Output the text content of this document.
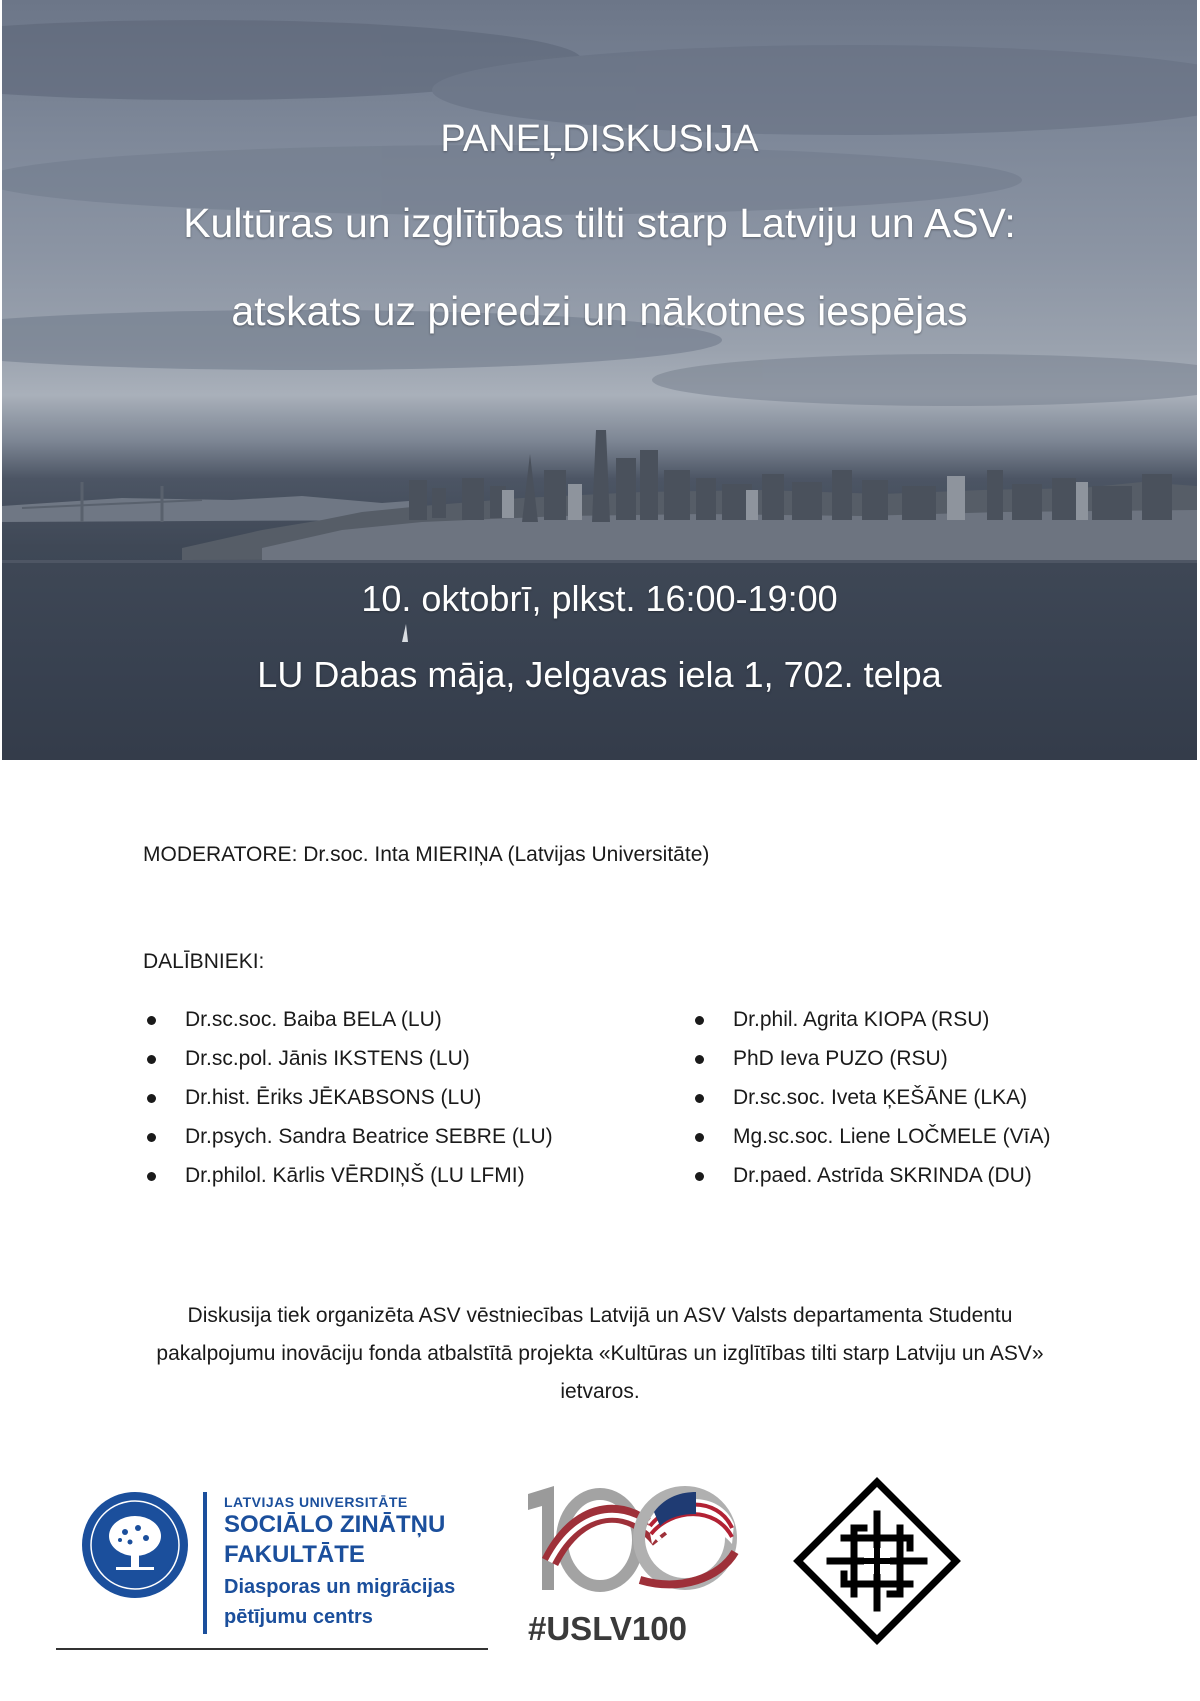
PANEĻDISKUSIJA
Kultūras un izglītības tilti starp Latviju un ASV:
atskats uz pieredzi un nākotnes iespējas
10. oktobrī, plkst. 16:00-19:00
LU Dabas māja, Jelgavas iela 1, 702. telpa
MODERATORE: Dr.soc. Inta MIERIŅA (Latvijas Universitāte)
DALĪBNIEKI:
Dr.sc.soc. Baiba BELA (LU)
Dr.sc.pol. Jānis IKSTENS (LU)
Dr.hist. Ēriks JĒKABSONS (LU)
Dr.psych. Sandra Beatrice SEBRE (LU)
Dr.philol. Kārlis VĒRDIŅŠ (LU LFMI)
Dr.phil. Agrita KIOPA (RSU)
PhD Ieva PUZO (RSU)
Dr.sc.soc. Iveta ĶEŠĀNE (LKA)
Mg.sc.soc. Liene LOČMELE (VīA)
Dr.paed. Astrīda SKRINDA (DU)
Diskusija tiek organizēta ASV vēstniecības Latvijā un ASV Valsts departamenta Studentu
pakalpojumu inovāciju fonda atbalstītā projekta «Kultūras un izglītības tilti starp Latviju un ASV»
ietvaros.
LATVIJAS UNIVERSITĀTE
SOCIĀLO ZINĀTŅU
FAKULTĀTE
Diasporas un migrācijas
pētījumu centrs	#USLV100
